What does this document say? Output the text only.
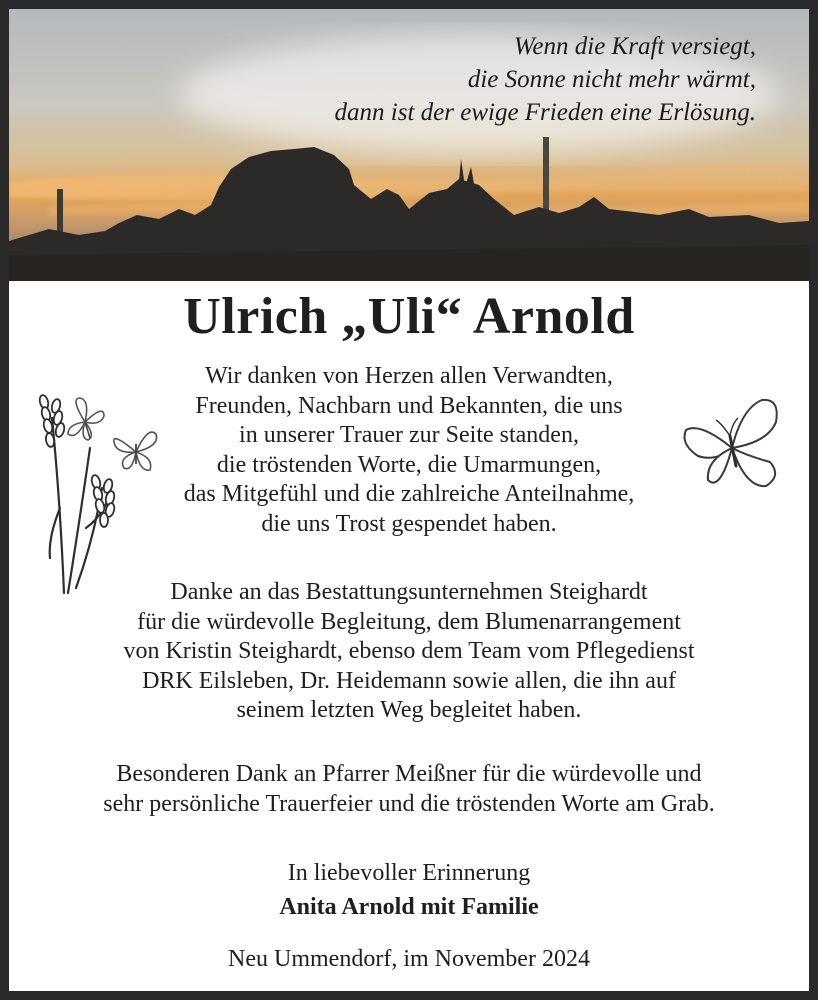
Wenn die Kraft versiegt,
die Sonne nicht mehr wärmt,
dann ist der ewige Frieden eine Erlösung.
Ulrich „Uli“ Arnold
Wir danken von Herzen allen Verwandten,
Freunden, Nachbarn und Bekannten, die uns
in unserer Trauer zur Seite standen,
die tröstenden Worte, die Umarmungen,
das Mitgefühl und die zahlreiche Anteilnahme,
die uns Trost gespendet haben.
Danke an das Bestattungsunternehmen Steighardt
für die würdevolle Begleitung, dem Blumenarrangement
von Kristin Steighardt, ebenso dem Team vom Pflegedienst
DRK Eilsleben, Dr. Heidemann sowie allen, die ihn auf
seinem letzten Weg begleitet haben.
Besonderen Dank an Pfarrer Meißner für die würdevolle und
sehr persönliche Trauerfeier und die tröstenden Worte am Grab.
In liebevoller Erinnerung
Anita Arnold mit Familie
Neu Ummendorf, im November 2024
